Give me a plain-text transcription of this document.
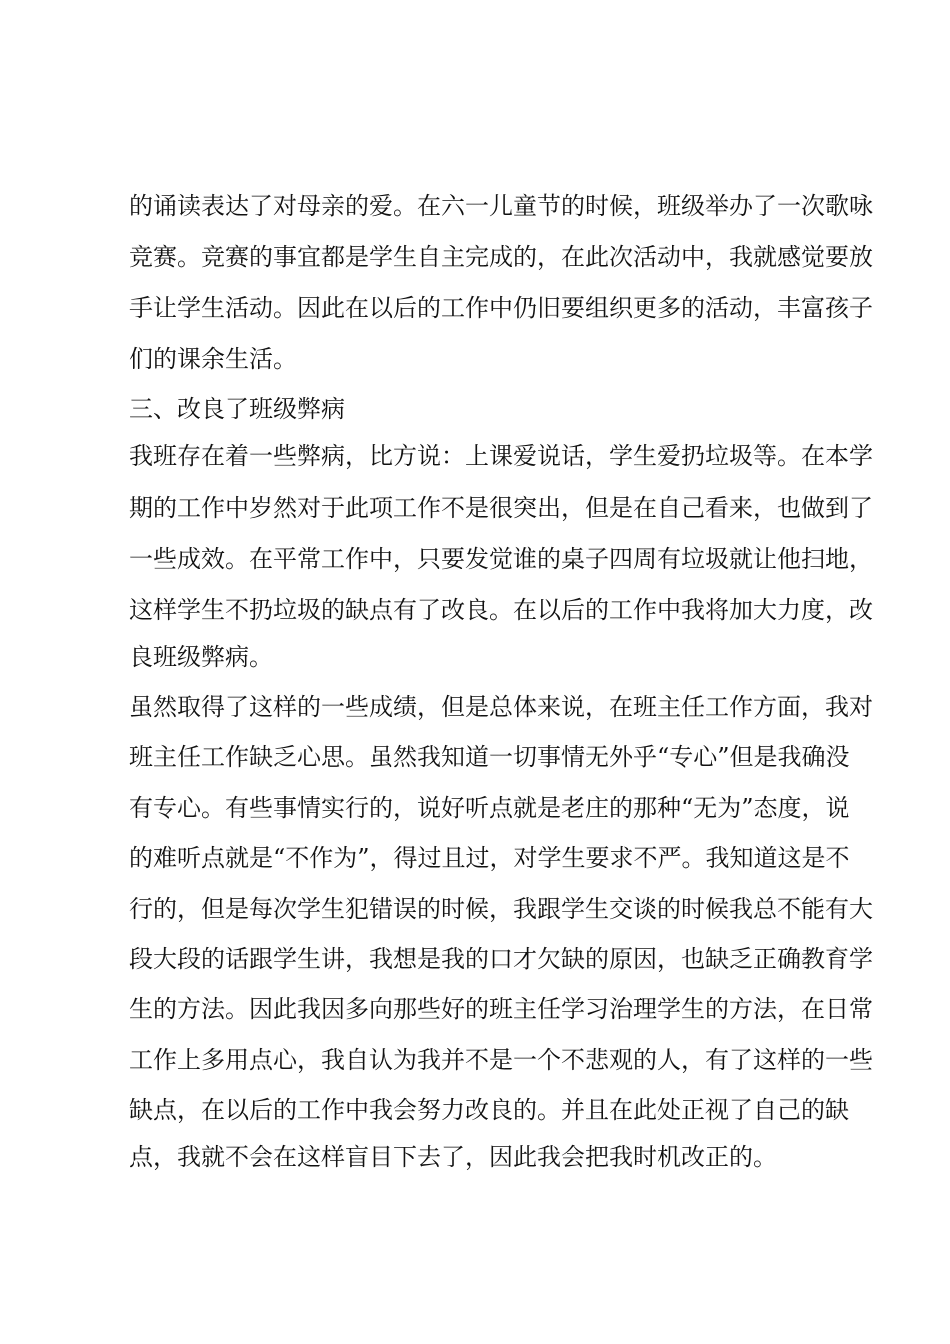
的诵读表达了对母亲的爱。在六一儿童节的时候，班级举办了一次歌咏
竞赛。竞赛的事宜都是学生自主完成的，在此次活动中，我就感觉要放
手让学生活动。因此在以后的工作中仍旧要组织更多的活动，丰富孩子
们的课余生活。
三、改良了班级弊病
我班存在着一些弊病，比方说：上课爱说话，学生爱扔垃圾等。在本学
期的工作中岁然对于此项工作不是很突出，但是在自己看来，也做到了
一些成效。在平常工作中，只要发觉谁的桌子四周有垃圾就让他扫地，
这样学生不扔垃圾的缺点有了改良。在以后的工作中我将加大力度，改
良班级弊病。
虽然取得了这样的一些成绩，但是总体来说，在班主任工作方面，我对
班主任工作缺乏心思。虽然我知道一切事情无外乎“专心”但是我确没
有专心。有些事情实行的，说好听点就是老庄的那种“无为”态度，说
的难听点就是“不作为”，得过且过，对学生要求不严。我知道这是不
行的，但是每次学生犯错误的时候，我跟学生交谈的时候我总不能有大
段大段的话跟学生讲，我想是我的口才欠缺的原因，也缺乏正确教育学
生的方法。因此我因多向那些好的班主任学习治理学生的方法，在日常
工作上多用点心，我自认为我并不是一个不悲观的人，有了这样的一些
缺点，在以后的工作中我会努力改良的。并且在此处正视了自己的缺
点，我就不会在这样盲目下去了，因此我会把我时机改正的。
